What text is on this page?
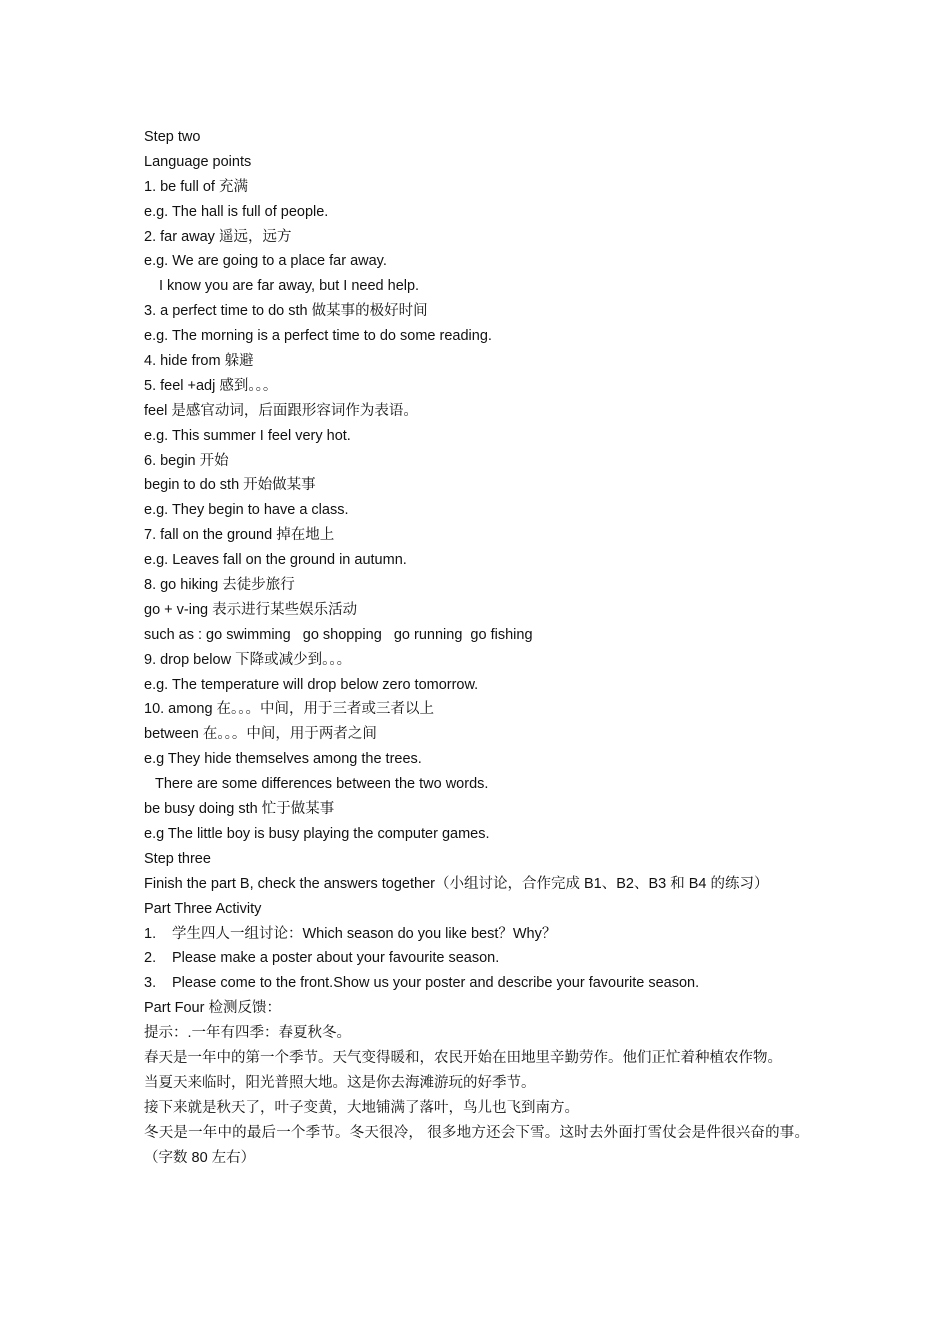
Step two
Language points
1. be full of 充满
e.g. The hall is full of people.
2. far away 遥远，远方
e.g. We are going to a place far away.
I know you are far away, but I need help.
3. a perfect time to do sth 做某事的极好时间
e.g. The morning is a perfect time to do some reading.
4. hide from 躲避
5. feel +adj 感到。。。
feel 是感官动词，后面跟形容词作为表语。
e.g. This summer I feel very hot.
6. begin 开始
begin to do sth 开始做某事
e.g. They begin to have a class.
7. fall on the ground 掉在地上
e.g. Leaves fall on the ground in autumn.
8. go hiking 去徒步旅行
go + v-ing 表示进行某些娱乐活动
such as : go swimming   go shopping   go running  go fishing
9. drop below 下降或减少到。。。
e.g. The temperature will drop below zero tomorrow.
10. among 在。。。中间，用于三者或三者以上
between 在。。。中间，用于两者之间
e.g They hide themselves among the trees.
There are some differences between the two words.
be busy doing sth 忙于做某事
e.g The little boy is busy playing the computer games.
Step three
Finish the part B, check the answers together（小组讨论，合作完成 B1、B2、B3 和 B4 的练习）
Part Three Activity
1.	学生四人一组讨论：Which season do you like best？Why？
2.	Please make a poster about your favourite season.
3.	Please come to the front.Show us your poster and describe your favourite season.
Part Four 检测反馈：
提示：.一年有四季：春夏秋冬。
春天是一年中的第一个季节。天气变得暖和，农民开始在田地里辛勤劳作。他们正忙着种植农作物。
当夏天来临时，阳光普照大地。这是你去海滩游玩的好季节。
接下来就是秋天了，叶子变黄，大地铺满了落叶，鸟儿也飞到南方。
冬天是一年中的最后一个季节。冬天很冷， 很多地方还会下雪。这时去外面打雪仗会是件很兴奋的事。（字数 80 左右）
